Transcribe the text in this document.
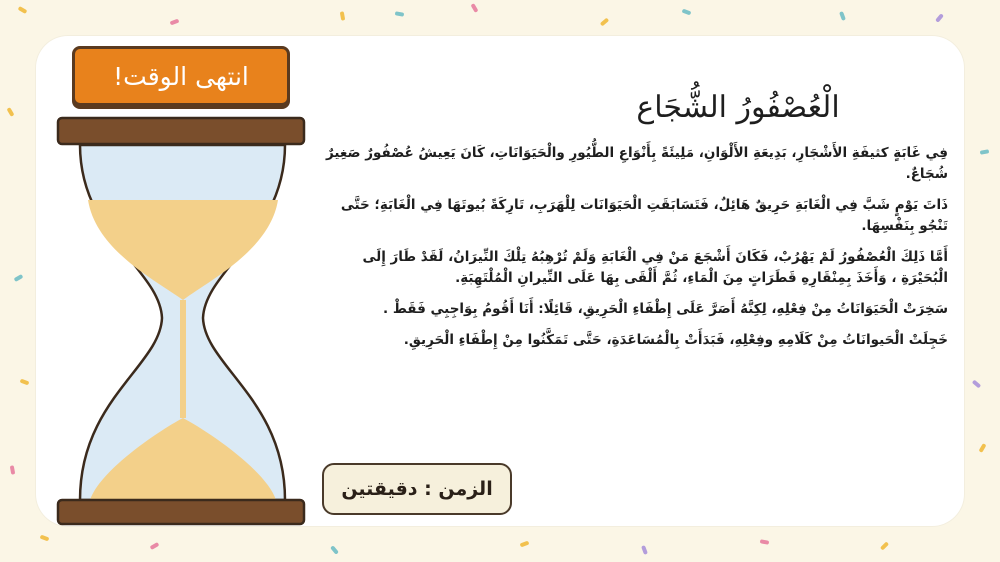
انتهى الوقت!
الْعُصْفُورُ الشُّجَاع

فِي غَابَةٍ كثيفَةِ الأَشْجَارِ، بَدِيعَةِ الأَلْوَانِ، مَلِيئَةً بِأَنْوَاعِ الطُّيُورِ والْحَيَوَانَاتِ، كَانَ يَعِيشُ عُصْفُورٌ صَغِيرٌ شُجَاعٌ.

ذَاتَ يَوْمٍ شَبَّ فِي الْغَابَةِ حَرِيقٌ هَائِلٌ، فَتَسَابَقَتِ الْحَيَوَانَات لِلْهَرَبِ، تَارِكَةً بُيوتَهَا فِي الْغَابَةِ؛ حَتَّى تَنْجُو بِنَفْسِهَا.

أَمَّا ذَلِكَ الْعُصْفُورُ لَمْ يَهْرُبْ، فَكَانَ أَشْجَعَ مَنْ فِي الْغَابَةِ وَلَمْ تُرْهِبُهُ تِلْكَ النِّيرَانُ، لَقَدْ طَارَ إِلَى الْبُحَيْرَةِ ، وَأَخَذَ بِمِنْقَارِهِ قَطَرَاتٍ مِنَ الْمَاءِ، ثُمَّ أَلْقَى بِهَا عَلَى النِّيرانِ الْمُلْتَهِبَةِ.

سَخِرَتْ الْحَيَوَانَاتُ مِنْ فِعْلِهِ، لِكِنَّهُ أَصَرَّ عَلَى إِطْفَاءِ الْحَرِيقِ، قَائِلًا: أَنَا أَقُومُ بِوَاجِبِي فَقَطْ .

خَجِلَتْ الْحَيوانَاتُ مِنْ كَلَامِهِ وفِعْلِهِ، فَبَدَأَتْ بِالْمُسَاعَدَةِ، حَتَّى تَمَكَّنُوا مِنْ إِطْفَاءِ الْحَرِيقِ.

الزمن : دقيقتين
